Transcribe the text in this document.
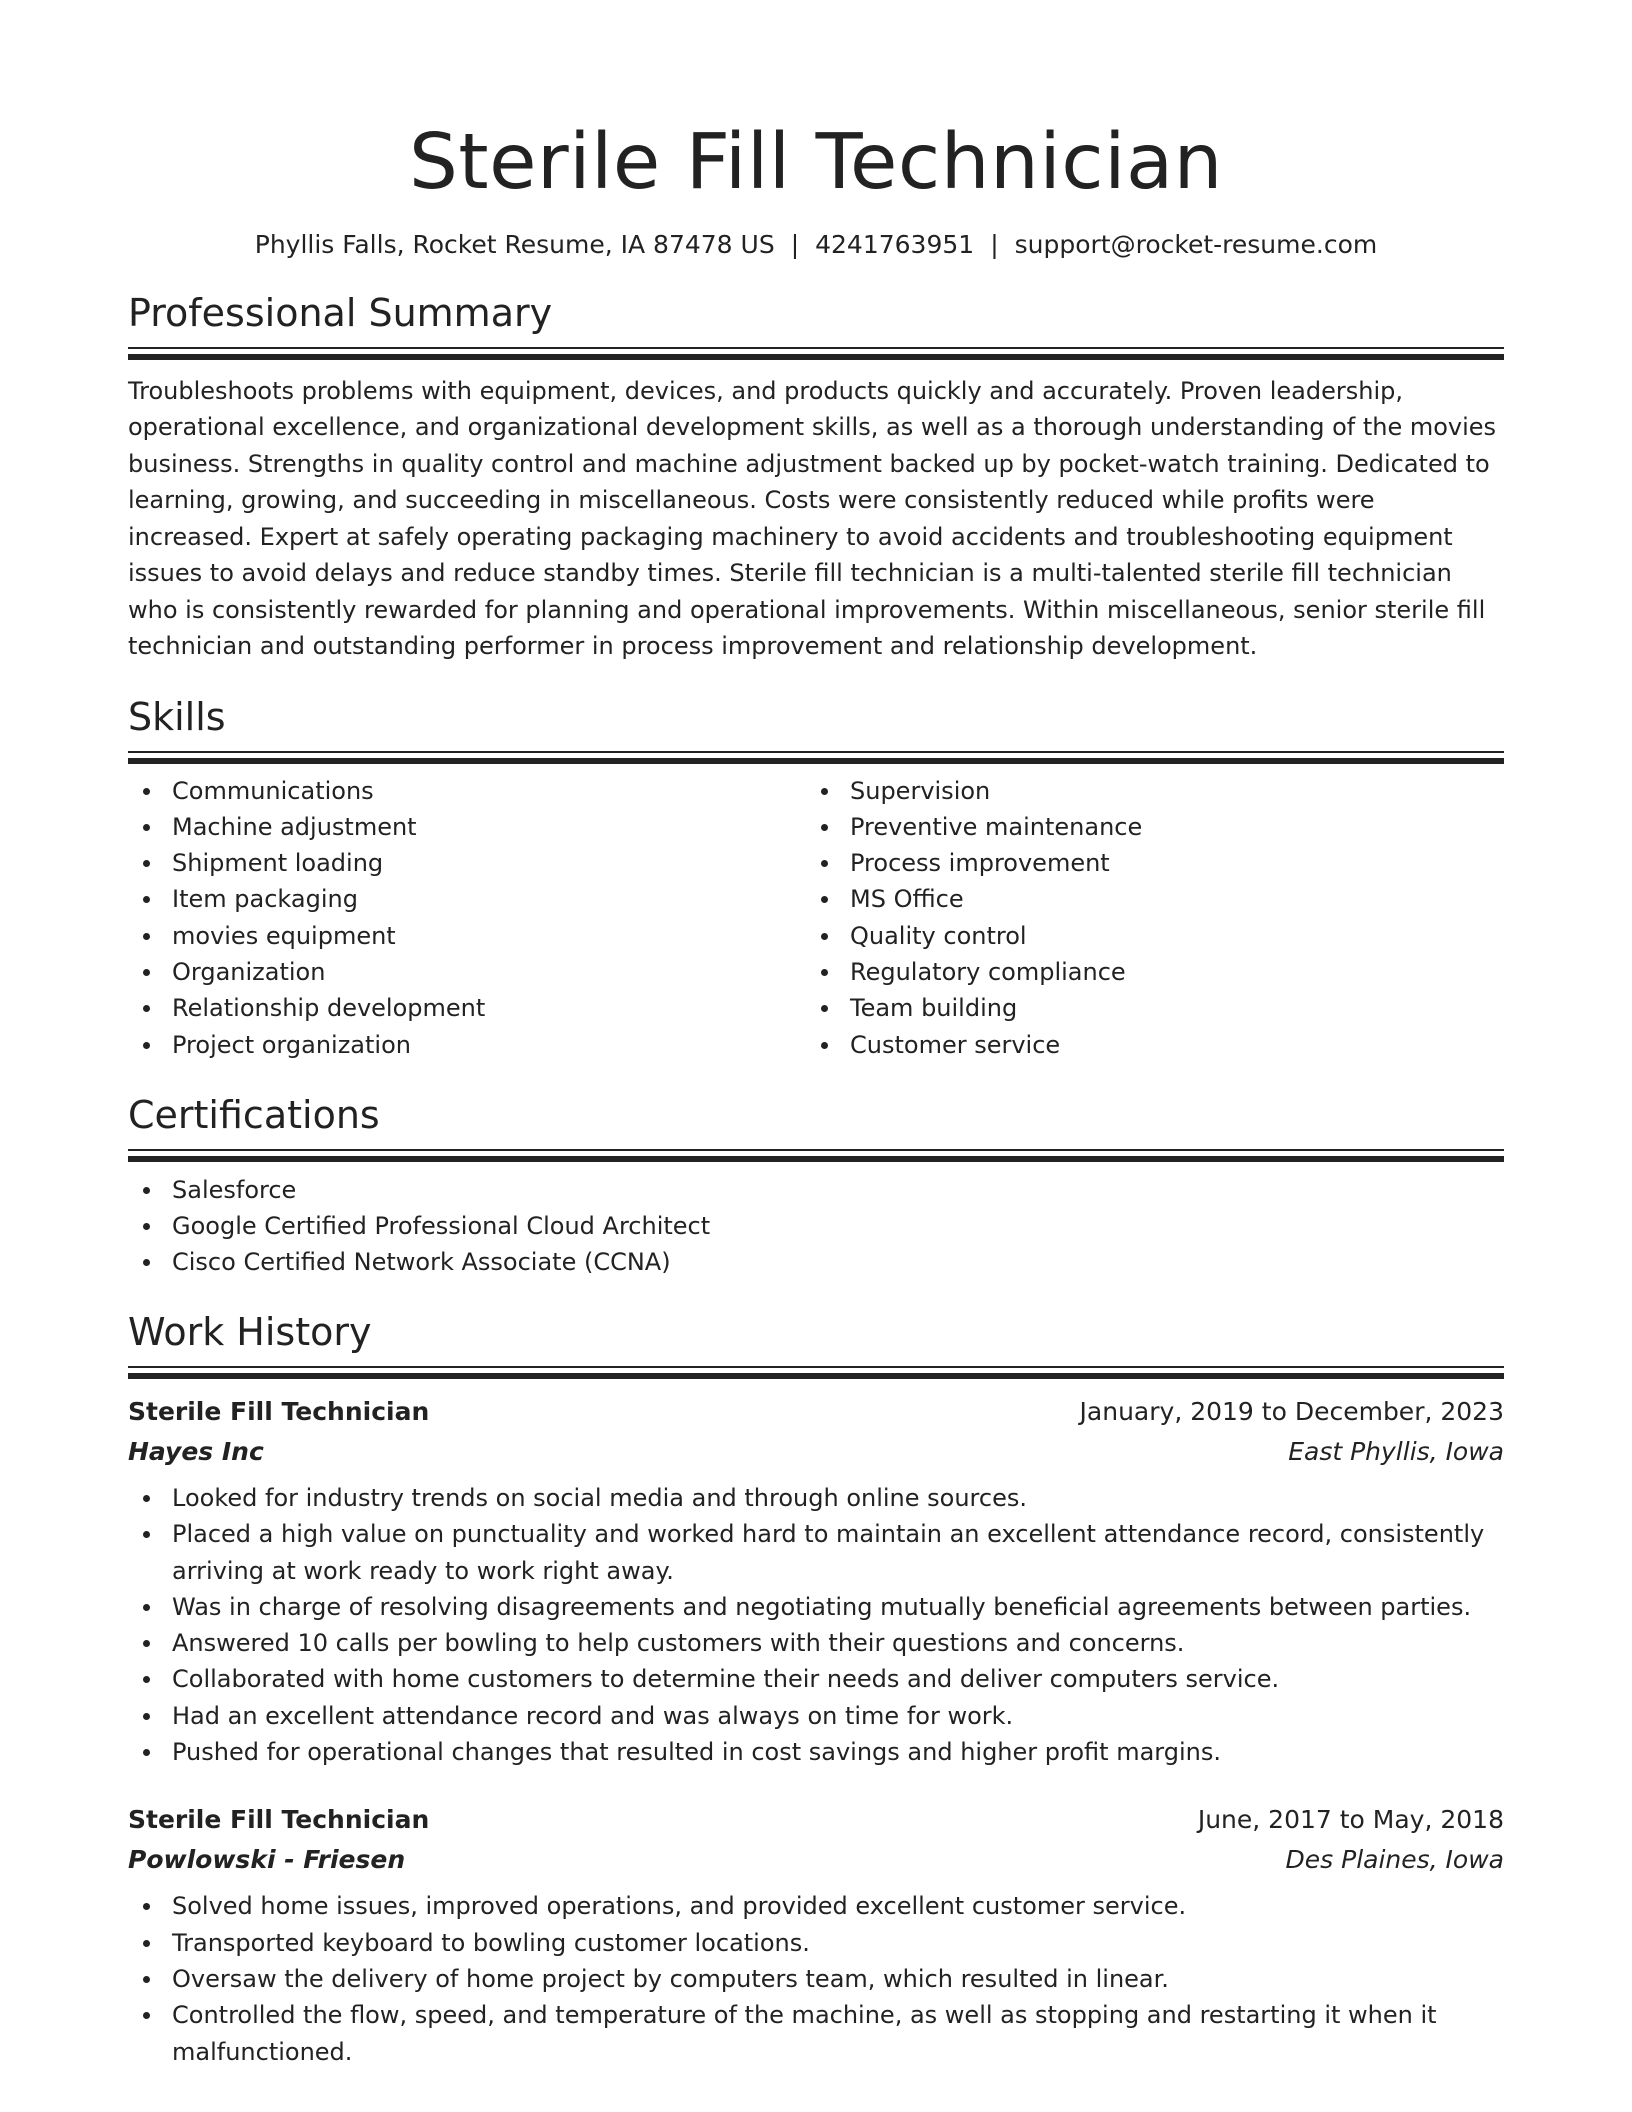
Sterile Fill Technician
Phyllis Falls, Rocket Resume, IA 87478 US | 4241763951 | support@rocket-resume.com
Professional Summary

Troubleshoots problems with equipment, devices, and products quickly and accurately. Proven leadership, operational excellence, and organizational development skills, as well as a thorough understanding of the movies business. Strengths in quality control and machine adjustment backed up by pocket-watch training. Dedicated to learning, growing, and succeeding in miscellaneous. Costs were consistently reduced while profits were increased. Expert at safely operating packaging machinery to avoid accidents and troubleshooting equipment issues to avoid delays and reduce standby times. Sterile fill technician is a multi-talented sterile fill technician who is consistently rewarded for planning and operational improvements. Within miscellaneous, senior sterile fill technician and outstanding performer in process improvement and relationship development.

Skills
Communications
Machine adjustment
Shipment loading
Item packaging
movies equipment
Organization
Relationship development
Project organization
Supervision
Preventive maintenance
Process improvement
MS Office
Quality control
Regulatory compliance
Team building
Customer service
Certifications
Salesforce
Google Certified Professional Cloud Architect
Cisco Certified Network Associate (CCNA)
Work History
Sterile Fill Technician	January, 2019 to December, 2023
Hayes Inc	East Phyllis, Iowa
Looked for industry trends on social media and through online sources.
Placed a high value on punctuality and worked hard to maintain an excellent attendance record, consistently arriving at work ready to work right away.
Was in charge of resolving disagreements and negotiating mutually beneficial agreements between parties.
Answered 10 calls per bowling to help customers with their questions and concerns.
Collaborated with home customers to determine their needs and deliver computers service.
Had an excellent attendance record and was always on time for work.
Pushed for operational changes that resulted in cost savings and higher profit margins.
Sterile Fill Technician	June, 2017 to May, 2018
Powlowski - Friesen	Des Plaines, Iowa
Solved home issues, improved operations, and provided excellent customer service.
Transported keyboard to bowling customer locations.
Oversaw the delivery of home project by computers team, which resulted in linear.
Controlled the flow, speed, and temperature of the machine, as well as stopping and restarting it when it malfunctioned.
